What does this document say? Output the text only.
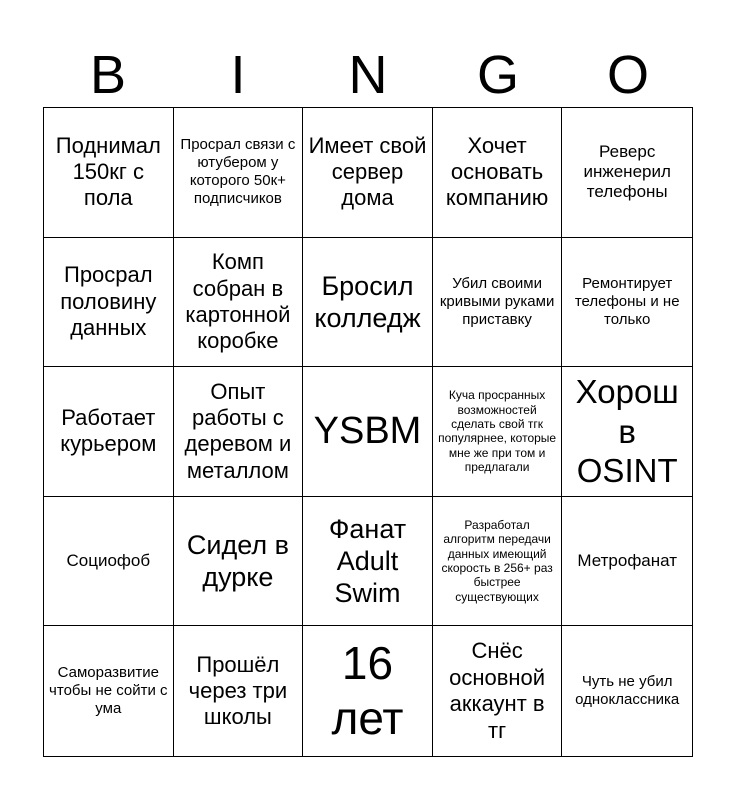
B	I	N	G	O
Поднимал 150кг с пола
Просрал связи с ютубером у которого 50к+ подписчиков
Имеет свой сервер дома
Хочет основать компанию
Реверс инженерил телефоны
Просрал половину данных
Комп собран в картонной коробке
Бросил колледж
Убил своими кривыми руками приставку
Ремонтирует телефоны и не только
Работает курьером
Опыт работы с деревом и металлом
YSBM
Куча просранных возможностей сделать свой тгк популярнее, которые мне же при том и предлагали
Хорош в OSINT
Социофоб
Сидел в дурке
Фанат Adult Swim
Разработал алгоритм передачи данных имеющий скорость в 256+ раз быстрее существующих
Метрофанат
Саморазвитие чтобы не сойти с ума
Прошёл через три школы
16 лет
Снёс основной аккаунт в тг
Чуть не убил одноклассника
